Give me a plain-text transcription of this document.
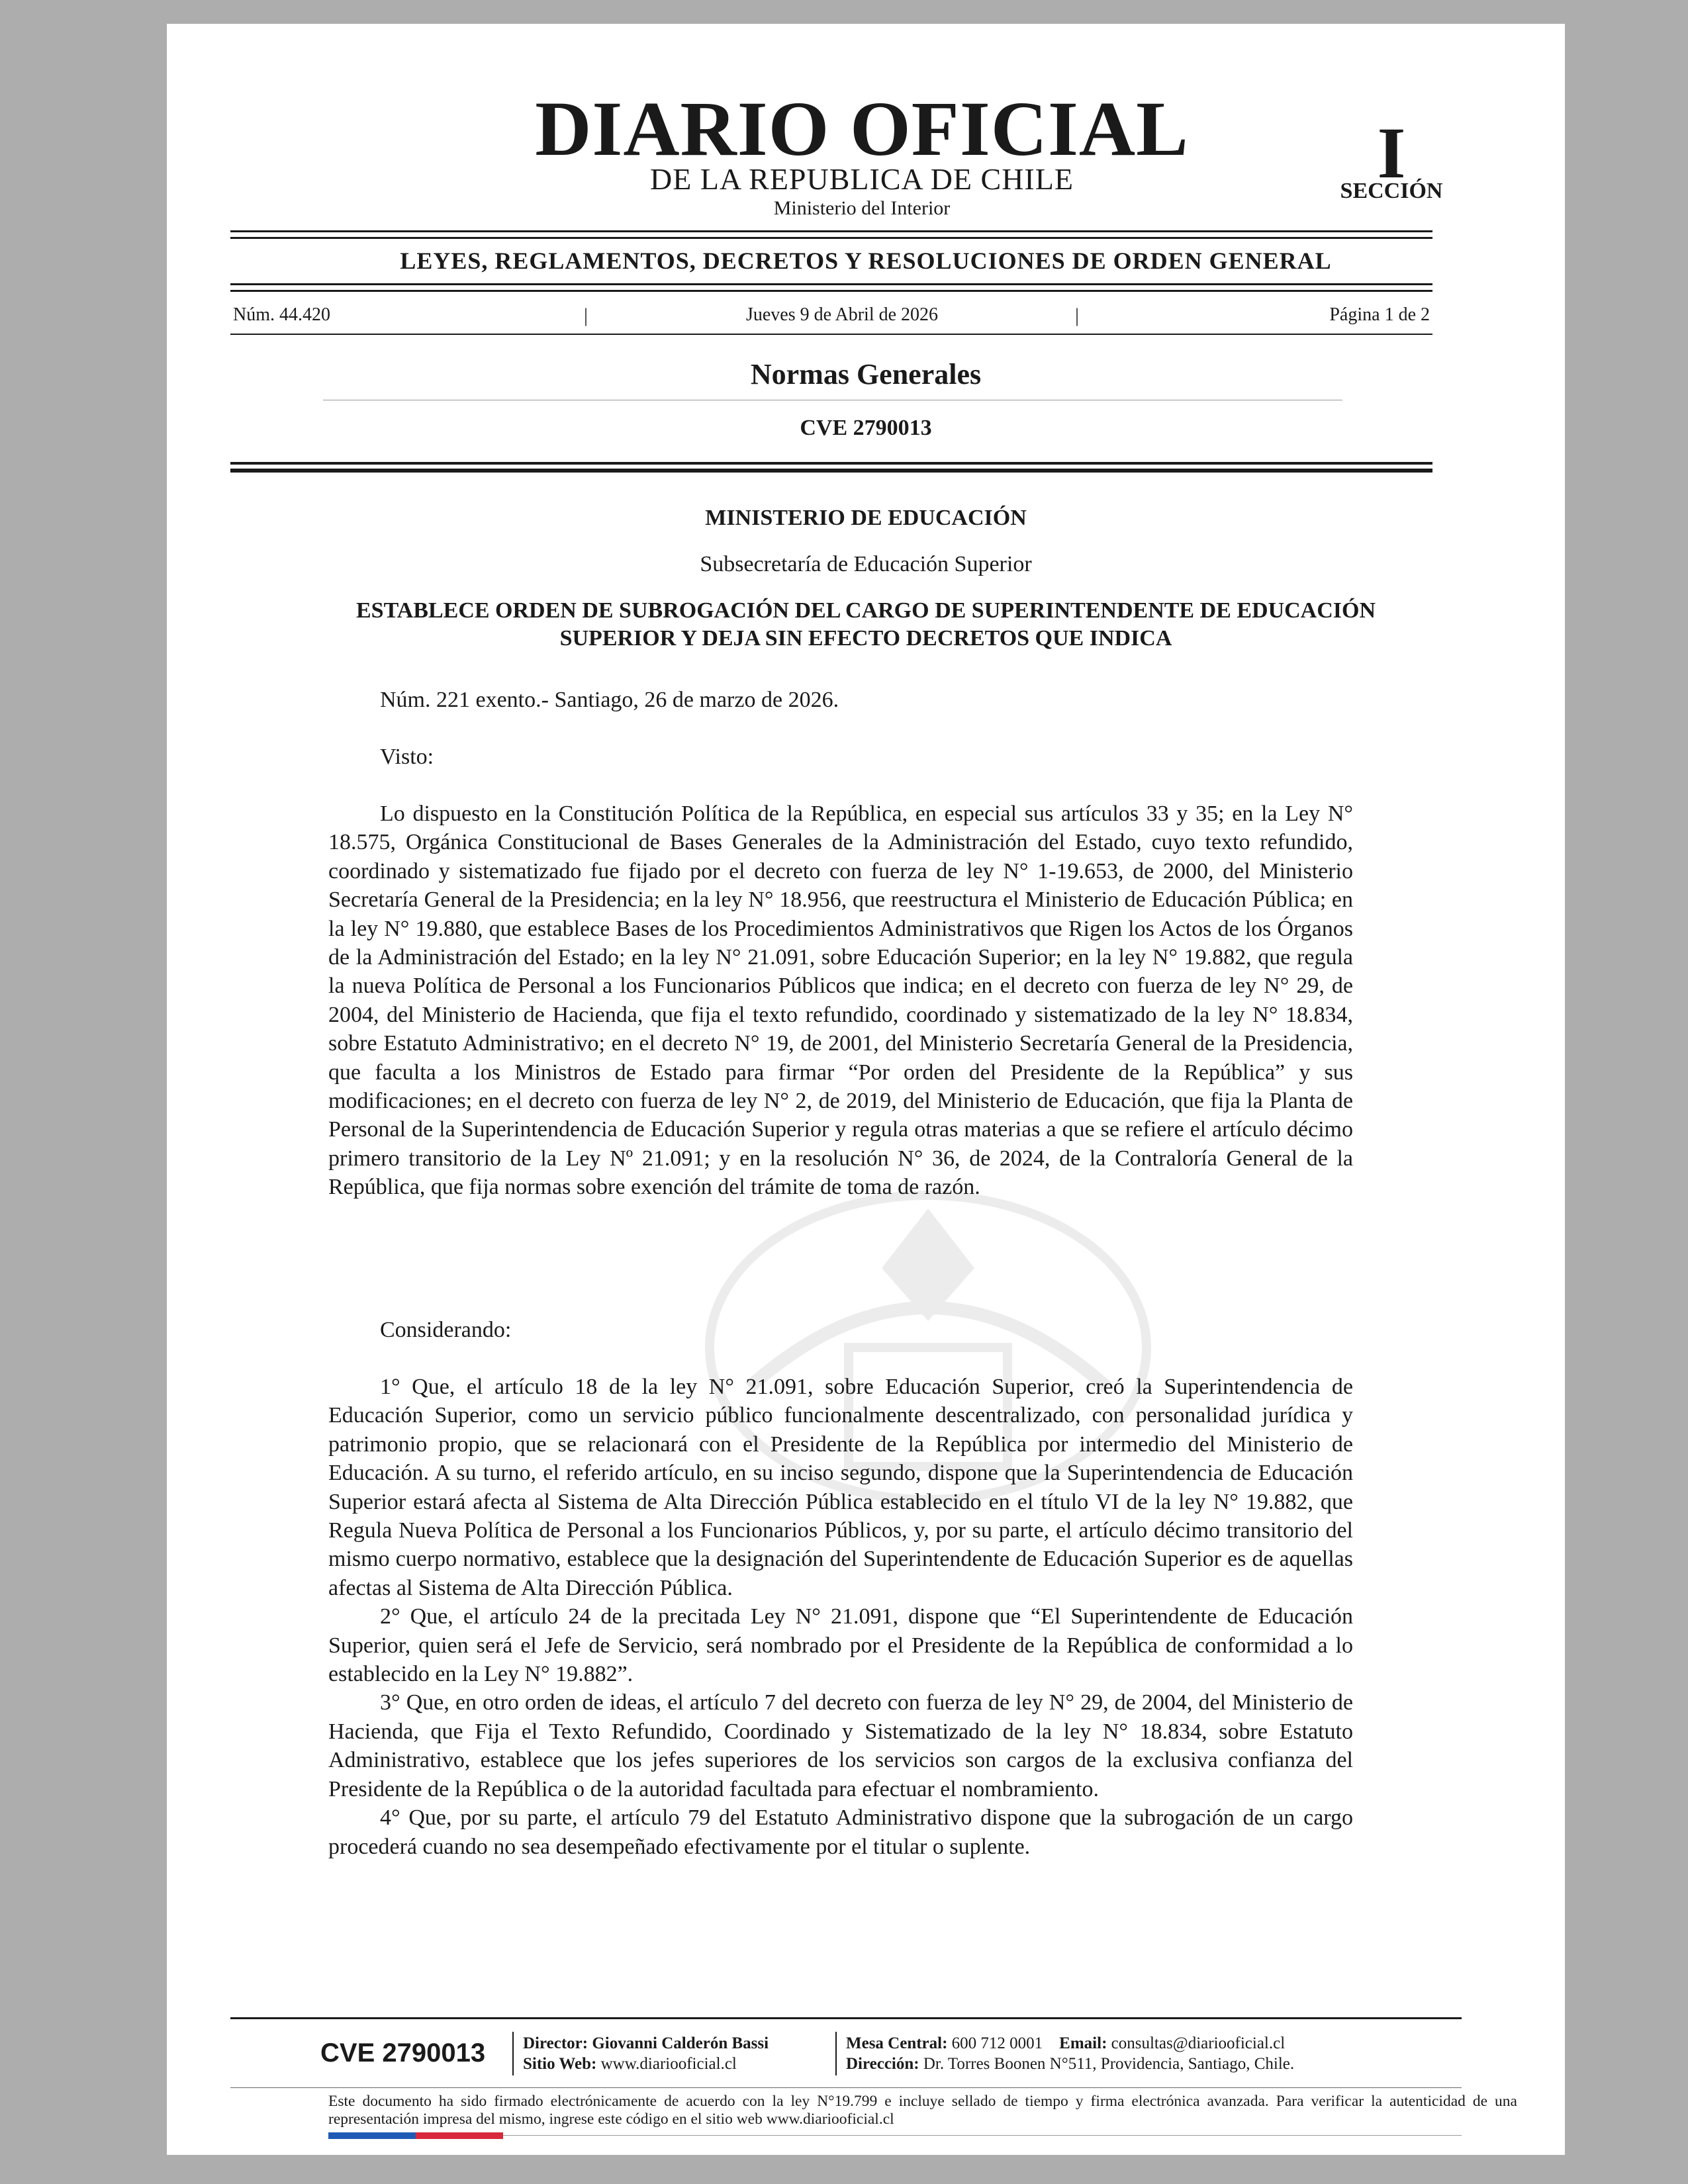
DIARIO OFICIAL
DE LA REPUBLICA DE CHILE
Ministerio del Interior
I
SECCIÓN
LEYES, REGLAMENTOS, DECRETOS Y RESOLUCIONES DE ORDEN GENERAL
Núm. 44.420	|	Jueves 9 de Abril de 2026	|	Página 1 de 2
Normas Generales
CVE 2790013
MINISTERIO DE EDUCACIÓN
Subsecretaría de Educación Superior
ESTABLECE ORDEN DE SUBROGACIÓN DEL CARGO DE SUPERINTENDENTE DE EDUCACIÓN SUPERIOR Y DEJA SIN EFECTO DECRETOS QUE INDICA
Núm. 221 exento.- Santiago, 26 de marzo de 2026.
Visto:

Lo dispuesto en la Constitución Política de la República, en especial sus artículos 33 y 35; en la Ley N° 18.575, Orgánica Constitucional de Bases Generales de la Administración del Estado, cuyo texto refundido, coordinado y sistematizado fue fijado por el decreto con fuerza de ley N° 1-19.653, de 2000, del Ministerio Secretaría General de la Presidencia; en la ley N° 18.956, que reestructura el Ministerio de Educación Pública; en la ley N° 19.880, que establece Bases de los Procedimientos Administrativos que Rigen los Actos de los Órganos de la Administración del Estado; en la ley N° 21.091, sobre Educación Superior; en la ley N° 19.882, que regula la nueva Política de Personal a los Funcionarios Públicos que indica; en el decreto con fuerza de ley N° 29, de 2004, del Ministerio de Hacienda, que fija el texto refundido, coordinado y sistematizado de la ley N° 18.834, sobre Estatuto Administrativo; en el decreto N° 19, de 2001, del Ministerio Secretaría General de la Presidencia, que faculta a los Ministros de Estado para firmar “Por orden del Presidente de la República” y sus modificaciones; en el decreto con fuerza de ley N° 2, de 2019, del Ministerio de Educación, que fija la Planta de Personal de la Superintendencia de Educación Superior y regula otras materias a que se refiere el artículo décimo primero transitorio de la Ley Nº 21.091; y en la resolución N° 36, de 2024, de la Contraloría General de la República, que fija normas sobre exención del trámite de toma de razón.

Considerando:

1° Que, el artículo 18 de la ley N° 21.091, sobre Educación Superior, creó la Superintendencia de Educación Superior, como un servicio público funcionalmente descentralizado, con personalidad jurídica y patrimonio propio, que se relacionará con el Presidente de la República por intermedio del Ministerio de Educación. A su turno, el referido artículo, en su inciso segundo, dispone que la Superintendencia de Educación Superior estará afecta al Sistema de Alta Dirección Pública establecido en el título VI de la ley N° 19.882, que Regula Nueva Política de Personal a los Funcionarios Públicos, y, por su parte, el artículo décimo transitorio del mismo cuerpo normativo, establece que la designación del Superintendente de Educación Superior es de aquellas afectas al Sistema de Alta Dirección Pública.

2° Que, el artículo 24 de la precitada Ley N° 21.091, dispone que “El Superintendente de Educación Superior, quien será el Jefe de Servicio, será nombrado por el Presidente de la República de conformidad a lo establecido en la Ley N° 19.882”.

3° Que, en otro orden de ideas, el artículo 7 del decreto con fuerza de ley N° 29, de 2004, del Ministerio de Hacienda, que Fija el Texto Refundido, Coordinado y Sistematizado de la ley N° 18.834, sobre Estatuto Administrativo, establece que los jefes superiores de los servicios son cargos de la exclusiva confianza del Presidente de la República o de la autoridad facultada para efectuar el nombramiento.

4° Que, por su parte, el artículo 79 del Estatuto Administrativo dispone que la subrogación de un cargo procederá cuando no sea desempeñado efectivamente por el titular o suplente.

CVE 2790013 Director: Giovanni Calderón Bassi
Sitio Web: www.diariooficial.cl
Mesa Central: 600 712 0001 Email: consultas@diariooficial.cl
Dirección: Dr. Torres Boonen N°511, Providencia, Santiago, Chile.
Este documento ha sido firmado electrónicamente de acuerdo con la ley N°19.799 e incluye sellado de tiempo y firma electrónica avanzada. Para verificar la autenticidad de una representación impresa del mismo, ingrese este código en el sitio web www.diariooficial.cl
